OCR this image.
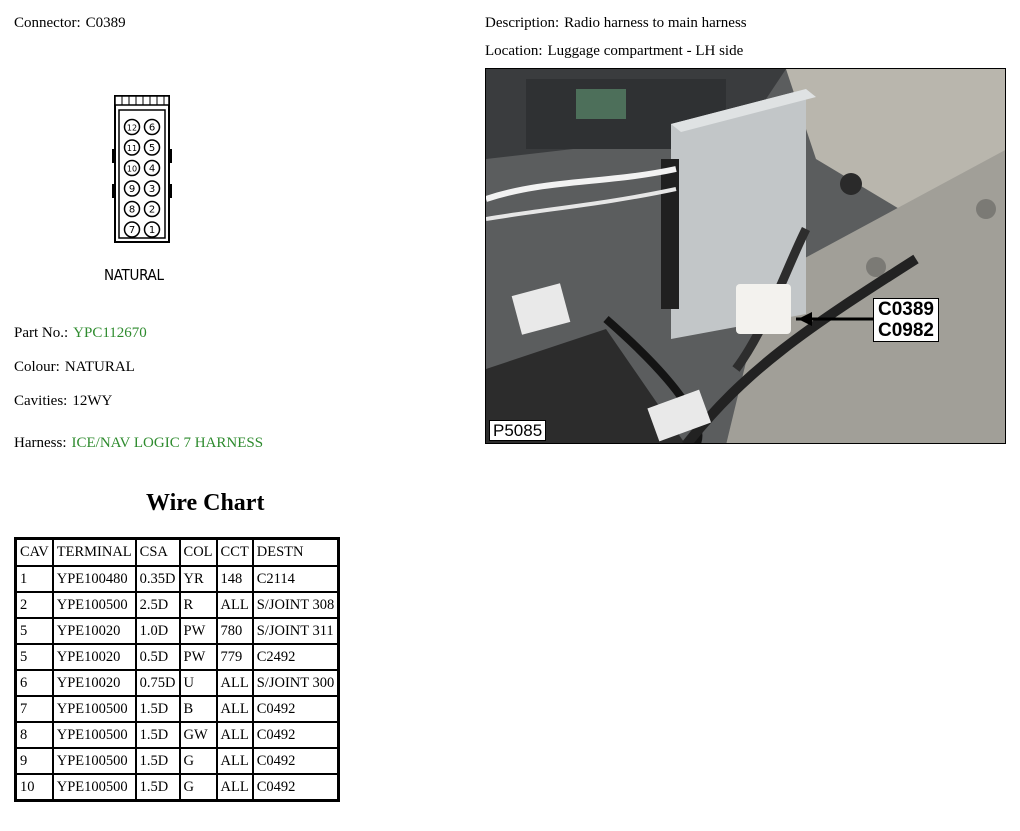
Connector: C0389	Description: Radio harness to main harness
Location: Luggage compartment - LH side
12 6
11 5
10 4
9 3
8 2
7 1
NATURAL
Part No.: YPC112670
Colour: NATURAL
Cavities: 12WY
Harness: ICE/NAV LOGIC 7 HARNESS
C0389
C0982
P5085
Wire Chart
CAV	TERMINAL	CSA	COL	CCT	DESTN
1	YPE100480	0.35D	YR	148	C2114
2	YPE100500	2.5D	R	ALL	S/JOINT 308
5	YPE10020	1.0D	PW	780	S/JOINT 311
5	YPE10020	0.5D	PW	779	C2492
6	YPE10020	0.75D	U	ALL	S/JOINT 300
7	YPE100500	1.5D	B	ALL	C0492
8	YPE100500	1.5D	GW	ALL	C0492
9	YPE100500	1.5D	G	ALL	C0492
10	YPE100500	1.5D	G	ALL	C0492
